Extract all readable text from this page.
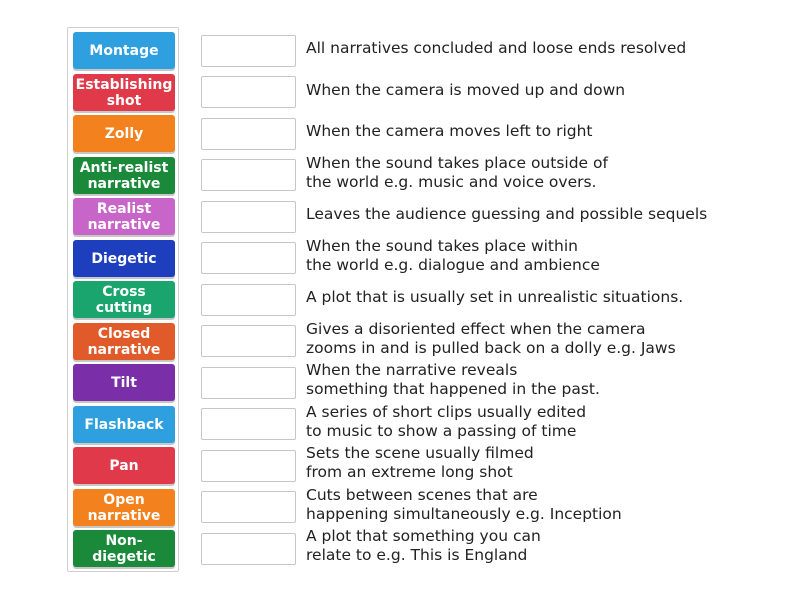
Montage
Establishing shot
Zolly
Anti-realist narrative
Realist narrative
Diegetic
Cross cutting
Closed narrative
Tilt
Flashback
Pan
Open narrative
Non-diegetic
All narratives concluded and loose ends resolved
When the camera is moved up and down
When the camera moves left to right
When the sound takes place outside of
the world e.g. music and voice overs.
Leaves the audience guessing and possible sequels
When the sound takes place within
the world e.g. dialogue and ambience
A plot that is usually set in unrealistic situations.
Gives a disoriented effect when the camera
zooms in and is pulled back on a dolly e.g. Jaws
When the narrative reveals
something that happened in the past.
A series of short clips usually edited
to music to show a passing of time
Sets the scene usually filmed
from an extreme long shot
Cuts between scenes that are
happening simultaneously e.g. Inception
A plot that something you can
relate to e.g. This is England
